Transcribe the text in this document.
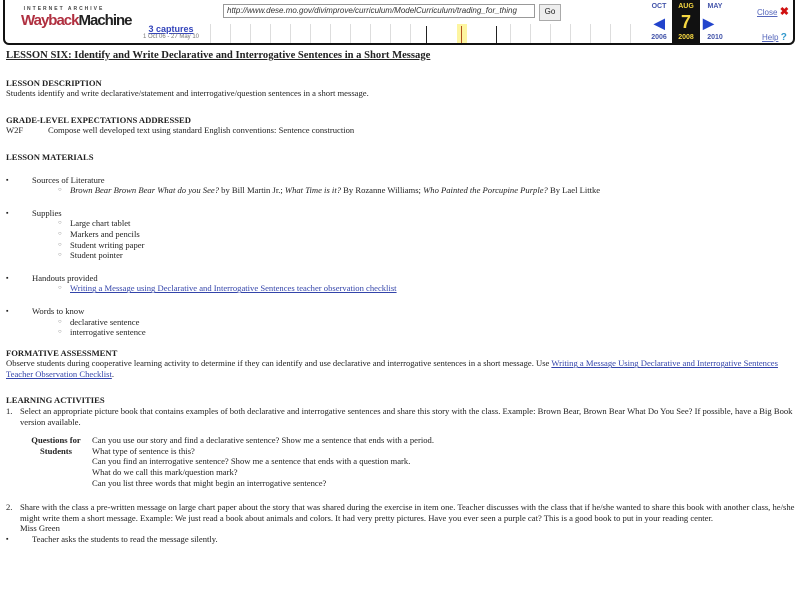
INTERNET ARCHIVE
WaybackMachine	3 captures
1 Oct 06 - 27 May 10
http://www.dese.mo.gov/divimprove/curriculum/ModelCurriculum/trading_for_thing	Go
OCT
2006
◀
AUG
7
2008
▶
MAY
2010
Close ✖
Help ?

LESSON SIX: Identify and Write Declarative and Interrogative Sentences in a Short Message

LESSON DESCRIPTION

Students identify and write declarative/statement and interrogative/question sentences in a short message.

GRADE-LEVEL EXPECTATIONS ADDRESSED
W2F	Compose well developed text using standard English conventions: Sentence construction
LESSON MATERIALS
▪ Sources of Literature
○ Brown Bear Brown Bear What do you See? by Bill Martin Jr.; What Time is it? By Rozanne Williams; Who Painted the Porcupine Purple? By Lael Littke
▪ Supplies
○ Large chart tablet
○ Markers and pencils
○ Student writing paper
○ Student pointer
▪ Handouts provided
○ Writing a Message using Declarative and Interrogative Sentences teacher observation checklist
▪ Words to know
○ declarative sentence
○ interrogative sentence
FORMATIVE ASSESSMENT

Observe students during cooperative learning activity to determine if they can identify and use declarative and interrogative sentences in a short message. Use Writing a Message Using Declarative and Interrogative Sentences Teacher Observation Checklist.

LEARNING ACTIVITIES
1. Select an appropriate picture book that contains examples of both declarative and interrogative sentences and share this story with the class. Example: Brown Bear, Brown Bear What Do You See? If possible, have a Big Book version available.
Questions for Students
Can you use our story and find a declarative sentence? Show me a sentence that ends with a period.
What type of sentence is this?
Can you find an interrogative sentence? Show me a sentence that ends with a question mark.
What do we call this mark/question mark?
Can you list three words that might begin an interrogative sentence?
2. Share with the class a pre-written message on large chart paper about the story that was shared during the exercise in item one. Teacher discusses with the class that if he/she wanted to share this book with another class, he/she might write them a short message. Example: We just read a book about animals and colors. It had very pretty pictures. Have you ever seen a purple cat? This is a good book to put in your reading center.
Miss Green
▪ Teacher asks the students to read the message silently.
